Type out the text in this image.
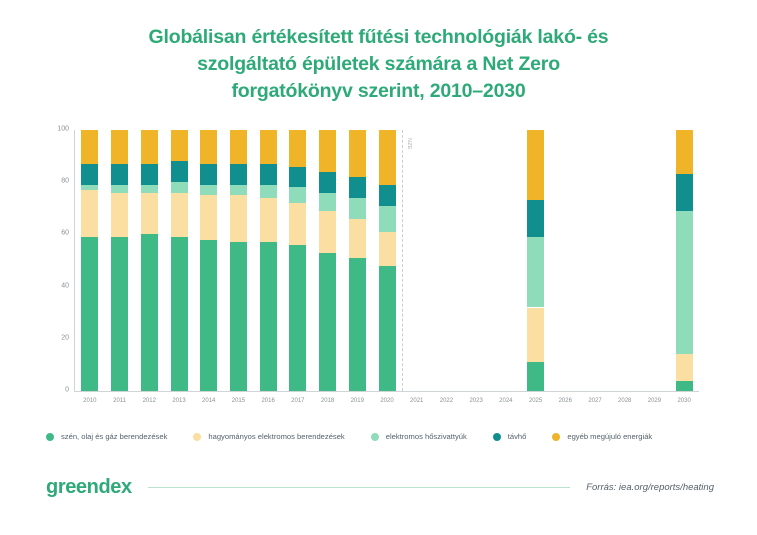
Globálisan értékesített fűtési technológiák lakó- és
szolgáltató épületek számára a Net Zero
forgatókönyv szerint, 2010–2030
0
20
40
60
80
100
2010	2011	2012	2013	2014	2015	2016	2017	2018	2019	2020	2021	2022	2023	2024	2025	2026	2027	2028	2029	2030
NZE
szén, olaj és gáz berendezések	hagyományos elektromos berendezések	elektromos hőszivattyúk	távhő	egyéb megújuló energiák
greendex	Forrás: iea.org/reports/heating
